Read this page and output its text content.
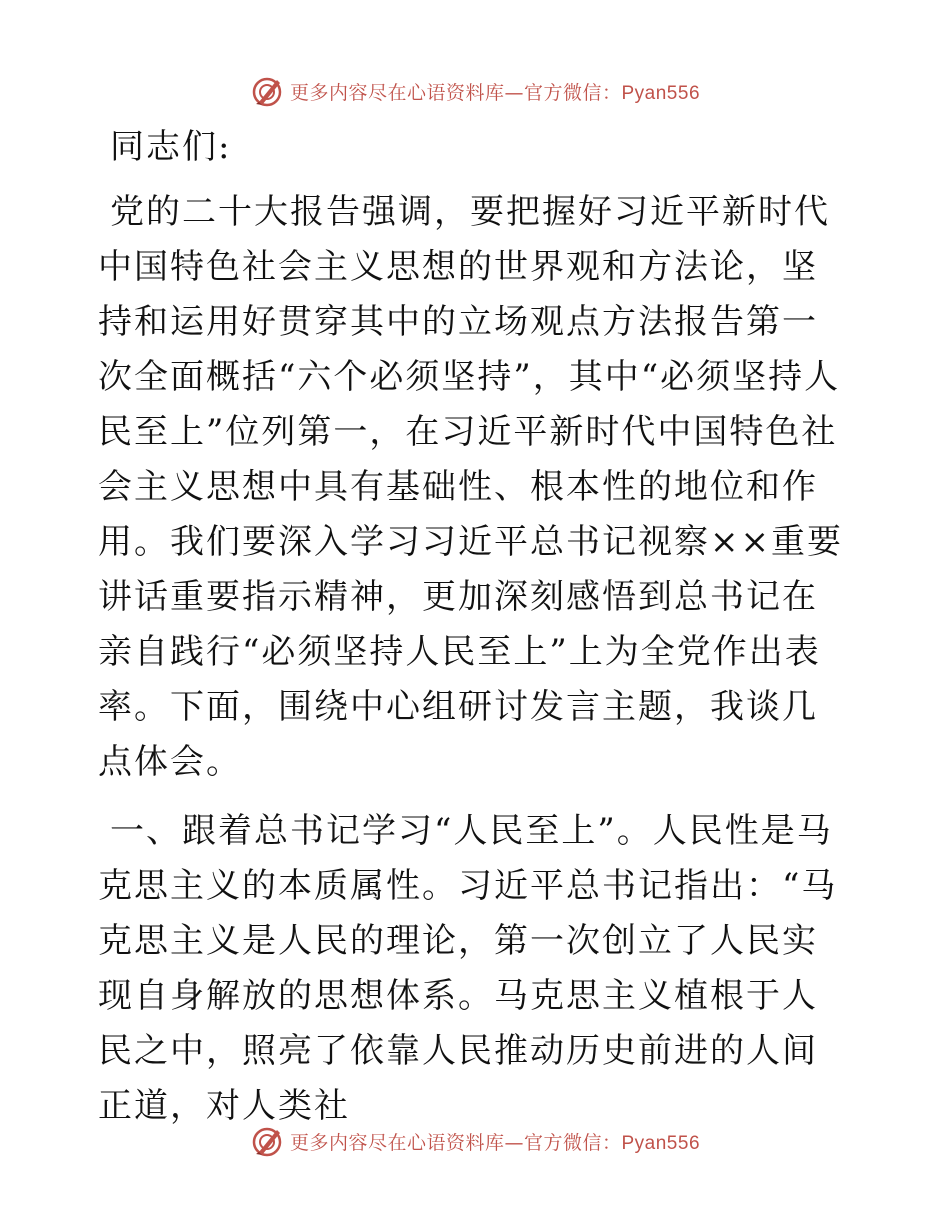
更多内容尽在心语资料库—官方微信：Pyan556

同志们:

党的二十大报告强调，要把握好习近平新时代中国特色社会主义思想的世界观和方法论，坚持和运用好贯穿其中的立场观点方法报告第一次全面概括“六个必须坚持”，其中“必须坚持人民至上”位列第一，在习近平新时代中国特色社会主义思想中具有基础性、根本性的地位和作用。我们要深入学习习近平总书记视察××重要讲话重要指示精神，更加深刻感悟到总书记在亲自践行“必须坚持人民至上”上为全党作出表率。下面，围绕中心组研讨发言主题，我谈几点体会。

一、跟着总书记学习“人民至上”。人民性是马克思主义的本质属性。习近平总书记指出：“马克思主义是人民的理论，第一次创立了人民实现自身解放的思想体系。马克思主义植根于人民之中，照亮了依靠人民推动历史前进的人间正道，对人类社

更多内容尽在心语资料库—官方微信：Pyan556
